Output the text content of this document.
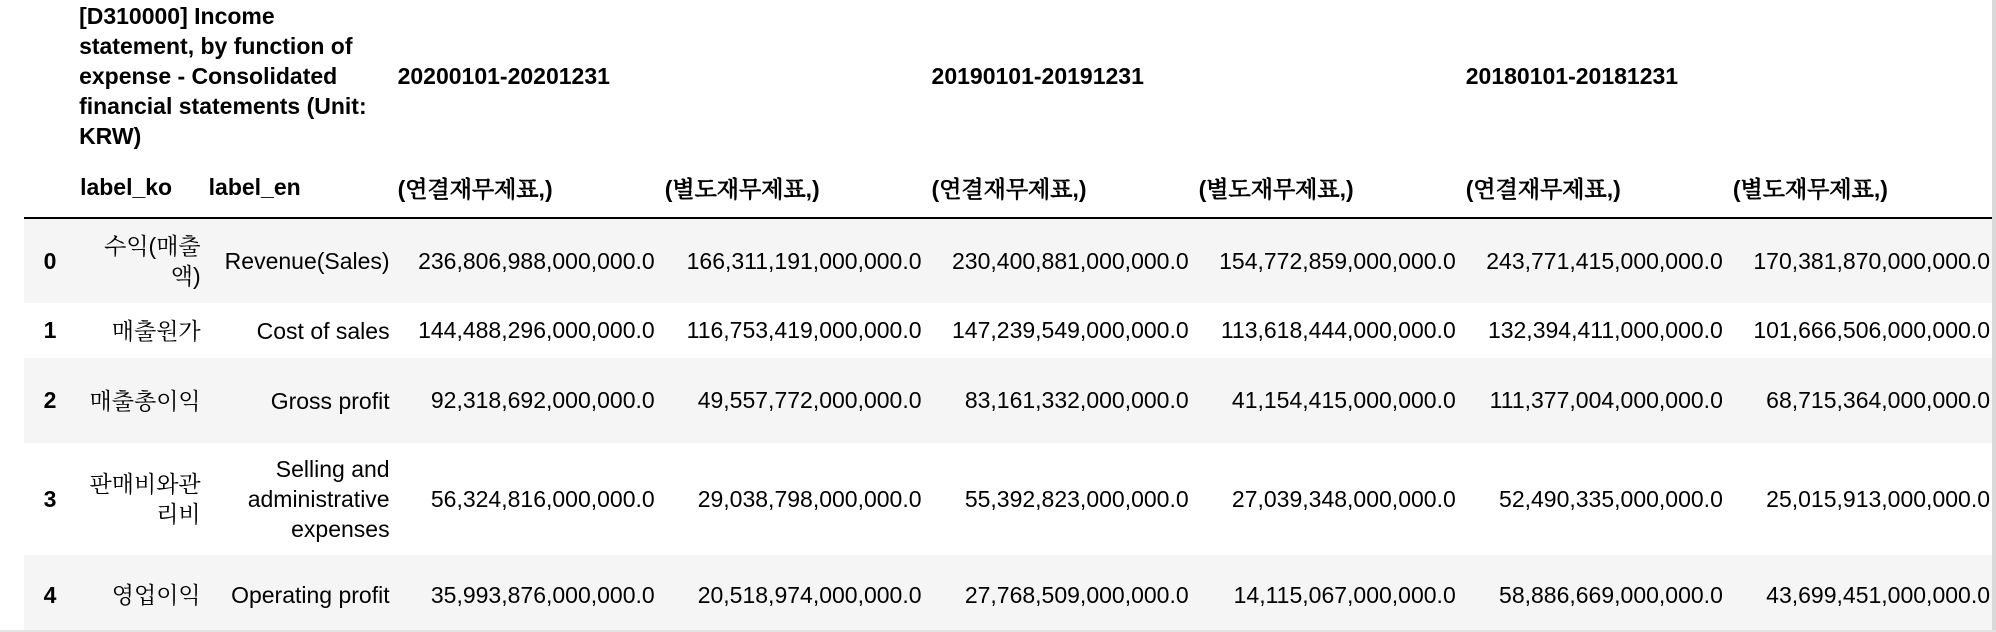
	[D310000] Income statement, by function of expense - Consolidated financial statements (Unit: KRW)		20200101-20201231		20190101-20191231		20180101-20181231	
	label_ko	label_en	(연결재무제표,)	(별도재무제표,)	(연결재무제표,)	(별도재무제표,)	(연결재무제표,)	(별도재무제표,)
0	수익(매출액)	Revenue(Sales)	236,806,988,000,000.0	166,311,191,000,000.0	230,400,881,000,000.0	154,772,859,000,000.0	243,771,415,000,000.0	170,381,870,000,000.0
1	매출원가	Cost of sales	144,488,296,000,000.0	116,753,419,000,000.0	147,239,549,000,000.0	113,618,444,000,000.0	132,394,411,000,000.0	101,666,506,000,000.0
2	매출총이익	Gross profit	92,318,692,000,000.0	49,557,772,000,000.0	83,161,332,000,000.0	41,154,415,000,000.0	111,377,004,000,000.0	68,715,364,000,000.0
3	판매비와관리비	Selling and administrative expenses	56,324,816,000,000.0	29,038,798,000,000.0	55,392,823,000,000.0	27,039,348,000,000.0	52,490,335,000,000.0	25,015,913,000,000.0
4	영업이익	Operating profit	35,993,876,000,000.0	20,518,974,000,000.0	27,768,509,000,000.0	14,115,067,000,000.0	58,886,669,000,000.0	43,699,451,000,000.0
